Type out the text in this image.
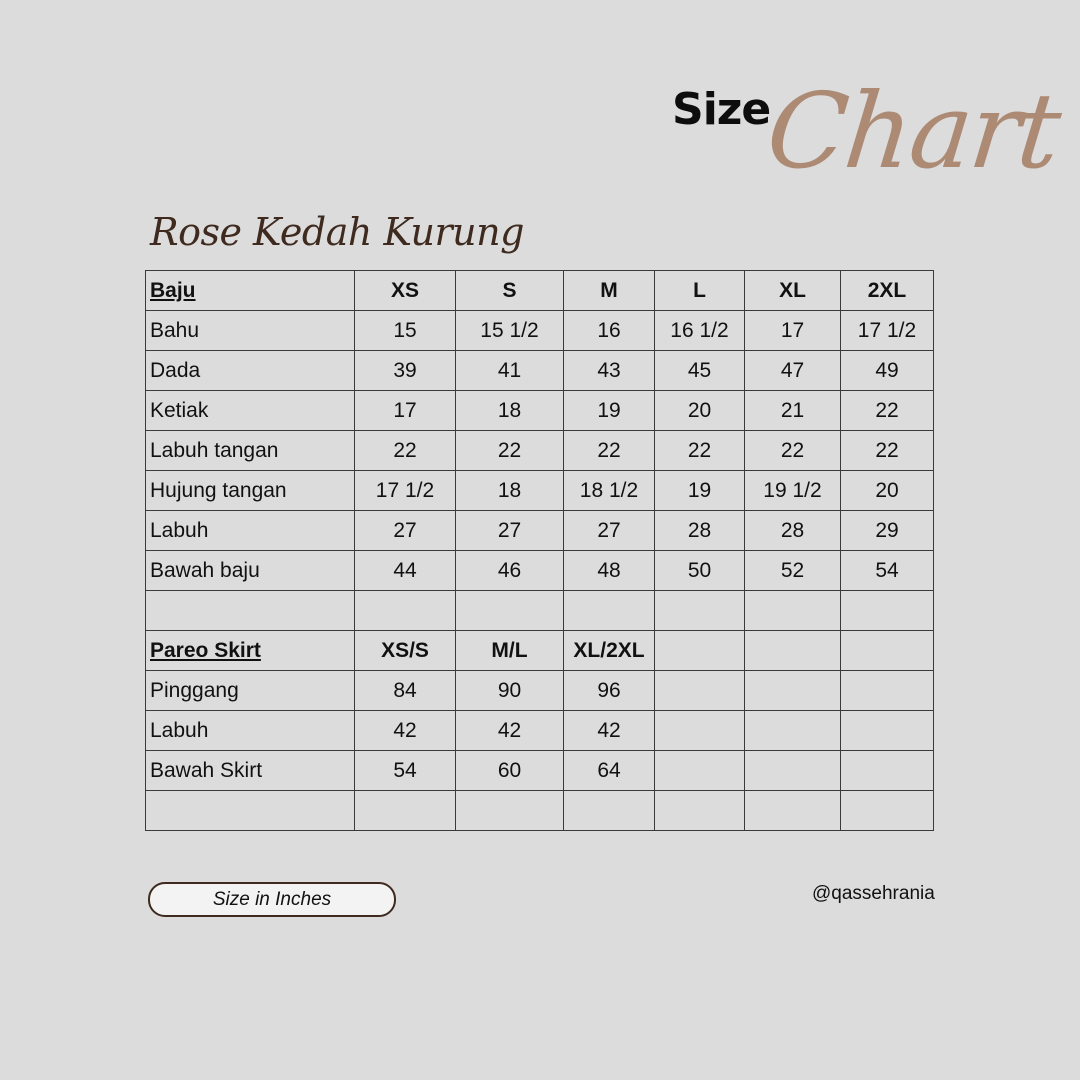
Size
Chart
Rose Kedah Kurung
Baju	XS	S	M	L	XL	2XL
Bahu	15	15 1/2	16	16 1/2	17	17 1/2
Dada	39	41	43	45	47	49
Ketiak	17	18	19	20	21	22
Labuh tangan	22	22	22	22	22	22
Hujung tangan	17 1/2	18	18 1/2	19	19 1/2	20
Labuh	27	27	27	28	28	29
Bawah baju	44	46	48	50	52	54

Pareo Skirt	XS/S	M/L	XL/2XL			
Pinggang	84	90	96			
Labuh	42	42	42			
Bawah Skirt	54	60	64			

Size in Inches	@qassehrania
